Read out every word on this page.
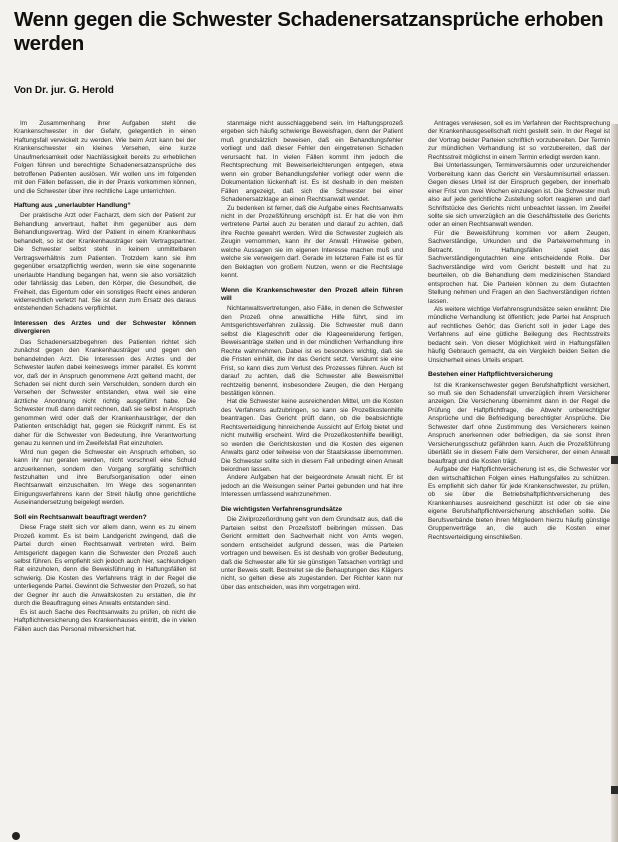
Wenn gegen die Schwester Schadenersatzansprüche erhoben werden
Von Dr. jur. G. Herold

Im Zusammenhang ihrer Aufgaben steht die Krankenschwester in der Gefahr, gelegentlich in einen Haftungsfall verwickelt zu werden. Wie beim Arzt kann bei der Krankenschwester ein kleines Versehen, eine kurze Unaufmerksamkeit oder Nachlässigkeit bereits zu erheblichen Folgen führen und berechtigte Schadenersatzansprüche des betroffenen Patienten auslösen. Wir wollen uns im folgenden mit den Fällen befassen, die in der Praxis vorkommen können, und die Schwester über ihre rechtliche Lage unterrichten.

Haftung aus „unerlaubter Handlung“

Der praktische Arzt oder Facharzt, dem sich der Patient zur Behandlung anvertraut, haftet ihm gegenüber aus dem Behandlungsvertrag. Wird der Patient in einem Krankenhaus behandelt, so ist der Krankenhausträger sein Vertragspartner. Die Schwester selbst steht in keinem unmittelbaren Vertragsverhältnis zum Patienten. Trotzdem kann sie ihm gegenüber ersatzpflichtig werden, wenn sie eine sogenannte unerlaubte Handlung begangen hat, wenn sie also vorsätzlich oder fahrlässig das Leben, den Körper, die Gesundheit, die Freiheit, das Eigentum oder ein sonstiges Recht eines anderen widerrechtlich verletzt hat. Sie ist dann zum Ersatz des daraus entstehenden Schadens verpflichtet.

Interessen des Arztes und der Schwester können divergieren

Das Schadenersatzbegehren des Patienten richtet sich zunächst gegen den Krankenhausträger und gegen den behandelnden Arzt. Die Interessen des Arztes und der Schwester laufen dabei keineswegs immer parallel. Es kommt vor, daß der in Anspruch genommene Arzt geltend macht, der Schaden sei nicht durch sein Verschulden, sondern durch ein Versehen der Schwester entstanden, etwa weil sie eine ärztliche Anordnung nicht richtig ausgeführt habe. Die Schwester muß dann damit rechnen, daß sie selbst in Anspruch genommen wird oder daß der Krankenhausträger, der den Patienten entschädigt hat, gegen sie Rückgriff nimmt. Es ist daher für die Schwester von Bedeutung, ihre Verantwortung genau zu kennen und im Zweifelsfall Rat einzuholen.

Wird nun gegen die Schwester ein Anspruch erhoben, so kann ihr nur geraten werden, nicht vorschnell eine Schuld anzuerkennen, sondern den Vorgang sorgfältig schriftlich festzuhalten und ihre Berufsorganisation oder einen Rechtsanwalt einzuschalten. Im Wege des sogenannten Einigungsverfahrens kann der Streit häufig ohne gerichtliche Auseinandersetzung beigelegt werden.

Soll ein Rechtsanwalt beauftragt werden?

Diese Frage stellt sich vor allem dann, wenn es zu einem Prozeß kommt. Es ist beim Landgericht zwingend, daß die Partei durch einen Rechtsanwalt vertreten wird. Beim Amtsgericht dagegen kann die Schwester den Prozeß auch selbst führen. Es empfiehlt sich jedoch auch hier, sachkundigen Rat einzuholen, denn die Beweisführung in Haftungsfällen ist schwierig. Die Kosten des Verfahrens trägt in der Regel die unterliegende Partei. Gewinnt die Schwester den Prozeß, so hat der Gegner ihr auch die Anwaltskosten zu erstatten, die ihr durch die Beauftragung eines Anwalts entstanden sind.

Es ist auch Sache des Rechtsanwalts zu prüfen, ob nicht die Haftpflichtversicherung des Krankenhauses eintritt, die in vielen Fällen auch das Personal mitversichert hat.

stanmaige nicht ausschlaggebend sein. Im Haftungsprozeß ergeben sich häufig schwierige Beweisfragen, denn der Patient muß grundsätzlich beweisen, daß ein Behandlungsfehler vorliegt und daß dieser Fehler den eingetretenen Schaden verursacht hat. In vielen Fällen kommt ihm jedoch die Rechtsprechung mit Beweiserleichterungen entgegen, etwa wenn ein grober Behandlungsfehler vorliegt oder wenn die Dokumentation lückenhaft ist. Es ist deshalb in den meisten Fällen angezeigt, daß sich die Schwester bei einer Schadenersatzklage an einen Rechtsanwalt wendet.

Zu bedenken ist ferner, daß die Aufgabe eines Rechtsanwalts nicht in der Prozeßführung erschöpft ist. Er hat die von ihm vertretene Partei auch zu beraten und darauf zu achten, daß ihre Rechte gewahrt werden. Wird die Schwester zugleich als Zeugin vernommen, kann ihr der Anwalt Hinweise geben, welche Aussagen sie im eigenen Interesse machen muß und welche sie verweigern darf. Gerade im letzteren Falle ist es für den Beklagten von großem Nutzen, wenn er die Rechtslage kennt.

Wenn die Krankenschwester den Prozeß allein führen will

Nichtanwaltsvertretungen, also Fälle, in denen die Schwester den Prozeß ohne anwaltliche Hilfe führt, sind im Amtsgerichtsverfahren zulässig. Die Schwester muß dann selbst die Klageschrift oder die Klageerwiderung fertigen, Beweisanträge stellen und in der mündlichen Verhandlung ihre Rechte wahrnehmen. Dabei ist es besonders wichtig, daß sie die Fristen einhält, die ihr das Gericht setzt. Versäumt sie eine Frist, so kann dies zum Verlust des Prozesses führen. Auch ist darauf zu achten, daß die Schwester alle Beweismittel rechtzeitig benennt, insbesondere Zeugen, die den Hergang bestätigen können.

Hat die Schwester keine ausreichenden Mittel, um die Kosten des Verfahrens aufzubringen, so kann sie Prozeßkostenhilfe beantragen. Das Gericht prüft dann, ob die beabsichtigte Rechtsverteidigung hinreichende Aussicht auf Erfolg bietet und nicht mutwillig erscheint. Wird die Prozeßkostenhilfe bewilligt, so werden die Gerichtskosten und die Kosten des eigenen Anwalts ganz oder teilweise von der Staatskasse übernommen. Die Schwester sollte sich in diesem Fall unbedingt einen Anwalt beiordnen lassen.

Andere Aufgaben hat der beigeordnete Anwalt nicht. Er ist jedoch an die Weisungen seiner Partei gebunden und hat ihre Interessen umfassend wahrzunehmen.

Die wichtigsten Verfahrensgrundsätze

Die Zivilprozeßordnung geht von dem Grundsatz aus, daß die Parteien selbst den Prozeßstoff beibringen müssen. Das Gericht ermittelt den Sachverhalt nicht von Amts wegen, sondern entscheidet aufgrund dessen, was die Parteien vortragen und beweisen. Es ist deshalb von großer Bedeutung, daß die Schwester alle für sie günstigen Tatsachen vorträgt und unter Beweis stellt. Bestreitet sie die Behauptungen des Klägers nicht, so gelten diese als zugestanden. Der Richter kann nur über das entscheiden, was ihm vorgetragen wird.

Antrages verwiesen, soll es im Verfahren der Rechtsprechung der Krankenhausgesellschaft nicht gestellt sein. In der Regel ist der Vortrag beider Parteien schriftlich vorzubereiten. Der Termin zur mündlichen Verhandlung ist so vorzubereiten, daß der Rechtsstreit möglichst in einem Termin erledigt werden kann.

Bei Unterlassungen, Terminversäumnis oder unzureichender Vorbereitung kann das Gericht ein Versäumnisurteil erlassen. Gegen dieses Urteil ist der Einspruch gegeben, der innerhalb einer Frist von zwei Wochen einzulegen ist. Die Schwester muß also auf jede gerichtliche Zustellung sofort reagieren und darf Schriftstücke des Gerichts nicht unbeachtet lassen. Im Zweifel sollte sie sich unverzüglich an die Geschäftsstelle des Gerichts oder an einen Rechtsanwalt wenden.

Für die Beweisführung kommen vor allem Zeugen, Sachverständige, Urkunden und die Parteivernehmung in Betracht. In Haftungsfällen spielt das Sachverständigengutachten eine entscheidende Rolle. Der Sachverständige wird vom Gericht bestellt und hat zu beurteilen, ob die Behandlung dem medizinischen Standard entsprochen hat. Die Parteien können zu dem Gutachten Stellung nehmen und Fragen an den Sachverständigen richten lassen.

Als weitere wichtige Verfahrensgrundsätze seien erwähnt: Die mündliche Verhandlung ist öffentlich; jede Partei hat Anspruch auf rechtliches Gehör; das Gericht soll in jeder Lage des Verfahrens auf eine gütliche Beilegung des Rechtsstreits bedacht sein. Von dieser Möglichkeit wird in Haftungsfällen häufig Gebrauch gemacht, da ein Vergleich beiden Seiten die Unsicherheit eines Urteils erspart.

Bestehen einer Haftpflichtversicherung

Ist die Krankenschwester gegen Berufshaftpflicht versichert, so muß sie den Schadensfall unverzüglich ihrem Versicherer anzeigen. Die Versicherung übernimmt dann in der Regel die Prüfung der Haftpflichtfrage, die Abwehr unberechtigter Ansprüche und die Befriedigung berechtigter Ansprüche. Die Schwester darf ohne Zustimmung des Versicherers keinen Anspruch anerkennen oder befriedigen, da sie sonst ihren Versicherungsschutz gefährden kann. Auch die Prozeßführung überläßt sie in diesem Falle dem Versicherer, der einen Anwalt beauftragt und die Kosten trägt.

Aufgabe der Haftpflichtversicherung ist es, die Schwester vor den wirtschaftlichen Folgen eines Haftungsfalles zu schützen. Es empfiehlt sich daher für jede Krankenschwester, zu prüfen, ob sie über die Betriebshaftpflichtversicherung des Krankenhauses ausreichend geschützt ist oder ob sie eine eigene Berufshaftpflichtversicherung abschließen sollte. Die Berufsverbände bieten ihren Mitgliedern hierzu häufig günstige Gruppenverträge an, die auch die Kosten einer Rechtsverteidigung einschließen.
